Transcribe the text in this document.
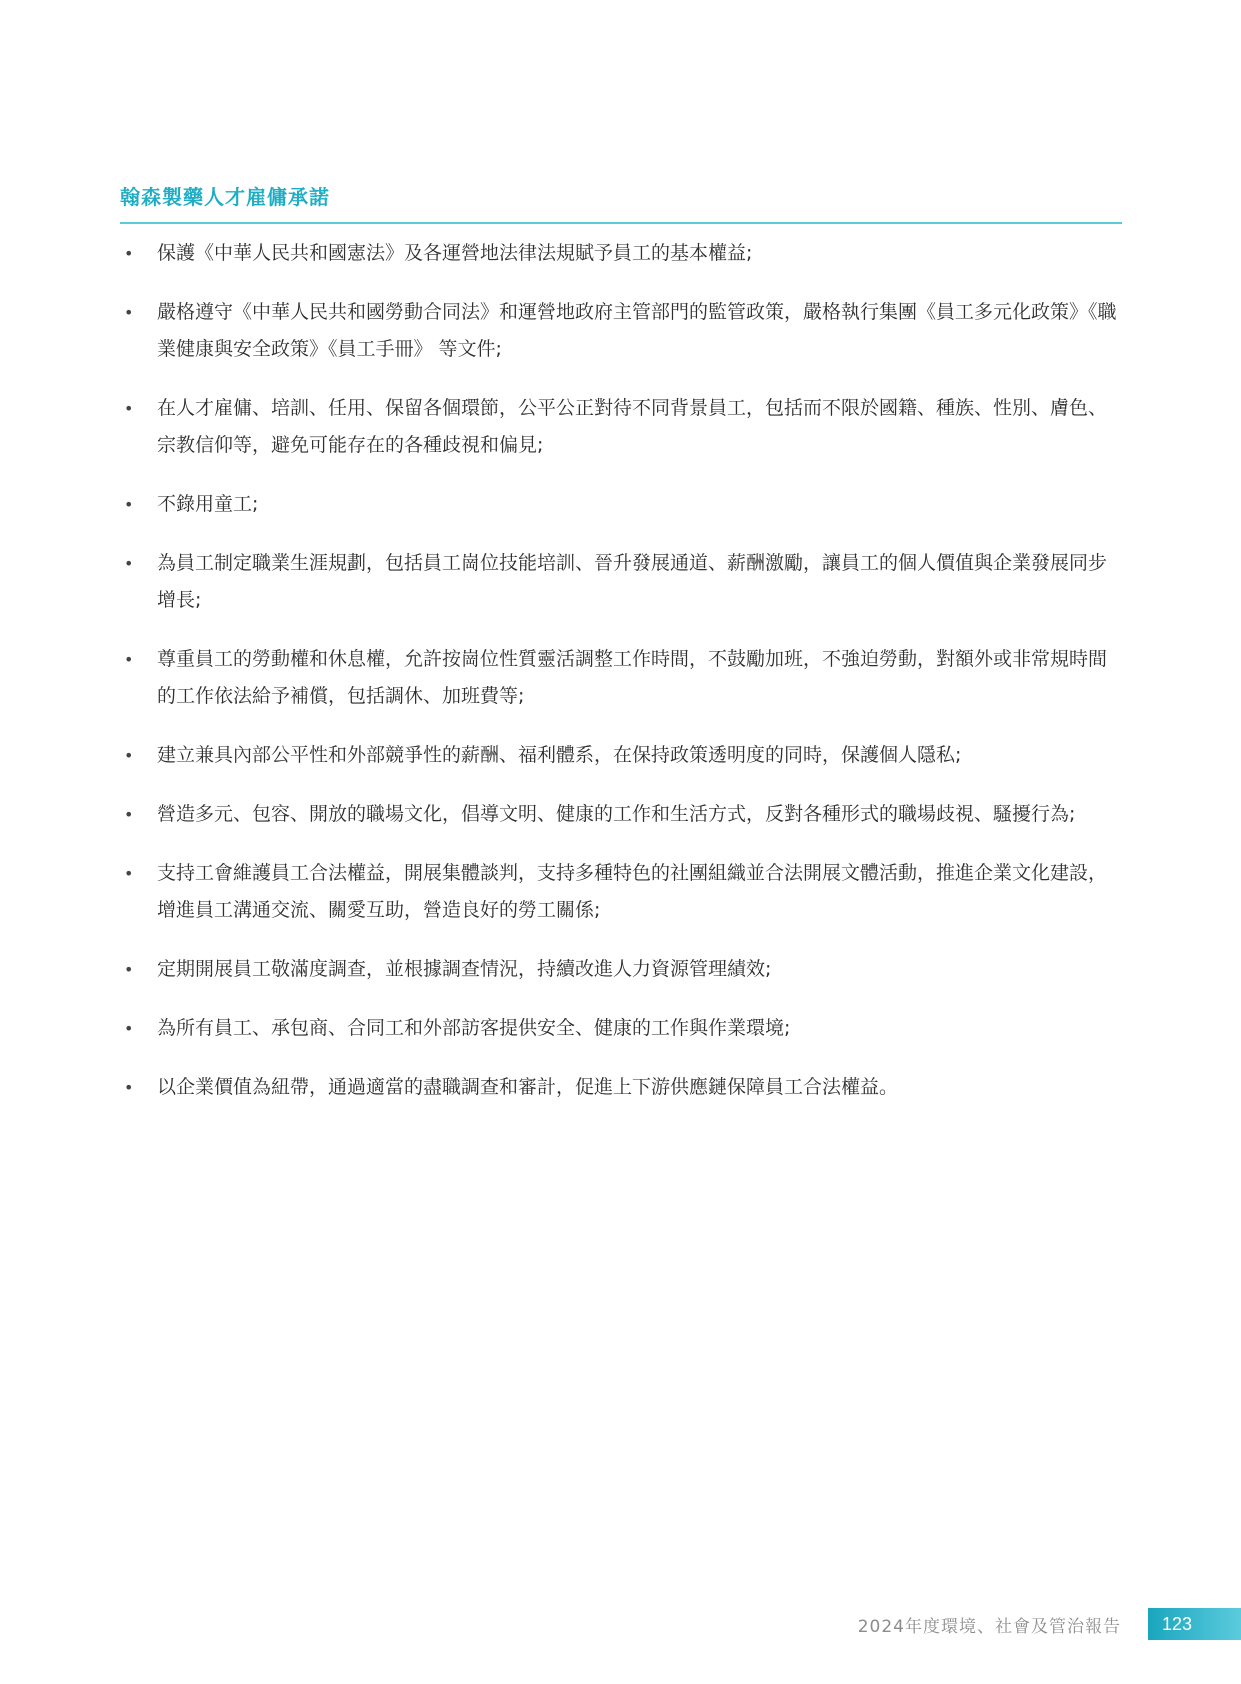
翰森製藥人才雇傭承諾
• 保護《中華人民共和國憲法》及各運營地法律法規賦予員工的基本權益;
• 嚴格遵守《中華人民共和國勞動合同法》和運營地政府主管部門的監管政策，嚴格執行集團《員工多元化政策》《職業健康與安全政策》《員工手冊》 等文件;
• 在人才雇傭、培訓、任用、保留各個環節，公平公正對待不同背景員工，包括而不限於國籍、種族、性別、膚色、宗教信仰等，避免可能存在的各種歧視和偏見;
• 不錄用童工;
• 為員工制定職業生涯規劃，包括員工崗位技能培訓、晉升發展通道、薪酬激勵，讓員工的個人價值與企業發展同步增長;
• 尊重員工的勞動權和休息權，允許按崗位性質靈活調整工作時間，不鼓勵加班，不強迫勞動，對額外或非常規時間的工作依法給予補償，包括調休、加班費等;
• 建立兼具內部公平性和外部競爭性的薪酬、福利體系，在保持政策透明度的同時，保護個人隱私;
• 營造多元、包容、開放的職場文化，倡導文明、健康的工作和生活方式，反對各種形式的職場歧視、騷擾行為;
• 支持工會維護員工合法權益，開展集體談判，支持多種特色的社團組織並合法開展文體活動，推進企業文化建設，增進員工溝通交流、關愛互助，營造良好的勞工關係;
• 定期開展員工敬滿度調查，並根據調查情況，持續改進人力資源管理績效;
• 為所有員工、承包商、合同工和外部訪客提供安全、健康的工作與作業環境;
• 以企業價值為紐帶，通過適當的盡職調查和審計，促進上下游供應鏈保障員工合法權益。
2024年度環境、社會及管治報告	123
